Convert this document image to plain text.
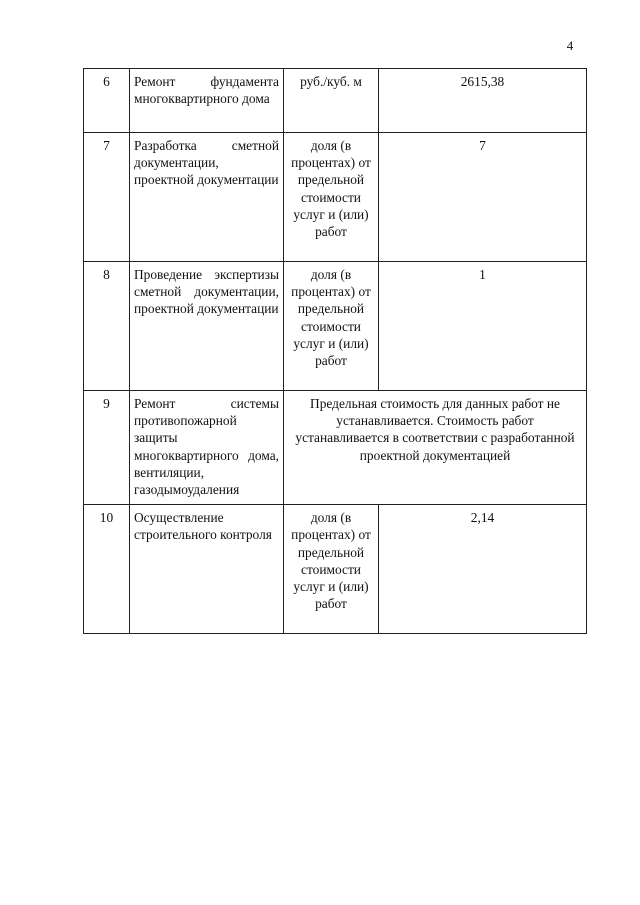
4
6	Ремонт фундамента многоквартирного дома	руб./куб. м	2615,38
7	Разработка сметной документации, проектной документации	доля (в процентах) от предельной стоимости услуг и (или) работ	7
8	Проведение экспертизы сметной документации, проектной документации	доля (в процентах) от предельной стоимости услуг и (или) работ	1
9	Ремонт системы противопожарной защиты многоквартирного дома, вентиляции, газодымоудаления	Предельная стоимость для данных работ не устанавливается. Стоимость работ устанавливается в соответствии с разработанной проектной документацией	
10	Осуществление строительного контроля	доля (в процентах) от предельной стоимости услуг и (или) работ	2,14
